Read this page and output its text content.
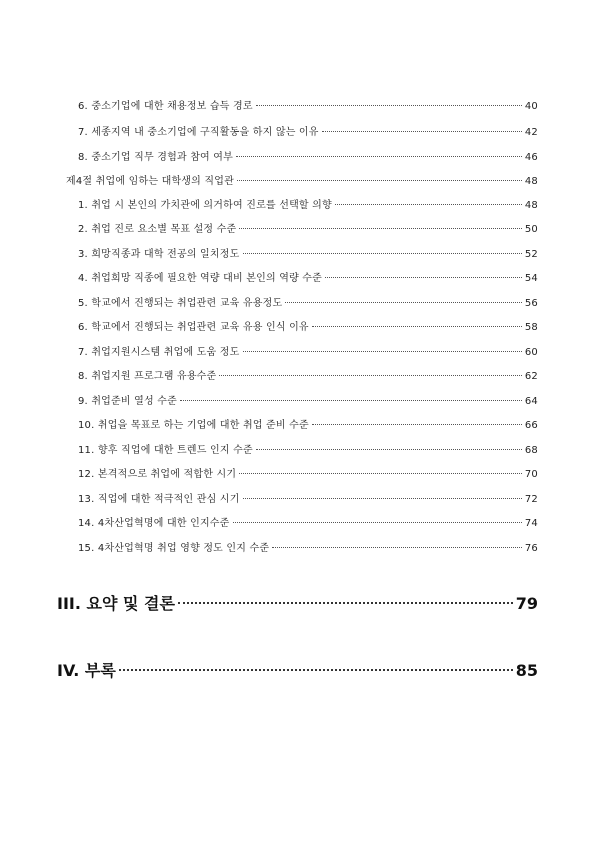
6. 중소기업에 대한 채용정보 습득 경로	40
7. 세종지역 내 중소기업에 구직활동을 하지 않는 이유	42
8. 중소기업 직무 경험과 참여 여부	46
제4절 취업에 임하는 대학생의 직업관	48
1. 취업 시 본인의 가치관에 의거하여 진로를 선택할 의향	48
2. 취업 진로 요소별 목표 설정 수준	50
3. 희망직종과 대학 전공의 일치정도	52
4. 취업희망 직종에 필요한 역량 대비 본인의 역량 수준	54
5. 학교에서 진행되는 취업관련 교육 유용정도	56
6. 학교에서 진행되는 취업관련 교육 유용 인식 이유	58
7. 취업지원시스템 취업에 도움 정도	60
8. 취업지원 프로그램 유용수준	62
9. 취업준비 열성 수준	64
10. 취업을 목표로 하는 기업에 대한 취업 준비 수준	66
11. 향후 직업에 대한 트렌드 인지 수준	68
12. 본격적으로 취업에 적합한 시기	70
13. 직업에 대한 적극적인 관심 시기	72
14. 4차산업혁명에 대한 인지수준	74
15. 4차산업혁명 취업 영향 정도 인지 수준	76
III. 요약 및 결론	79
IV. 부록	85
